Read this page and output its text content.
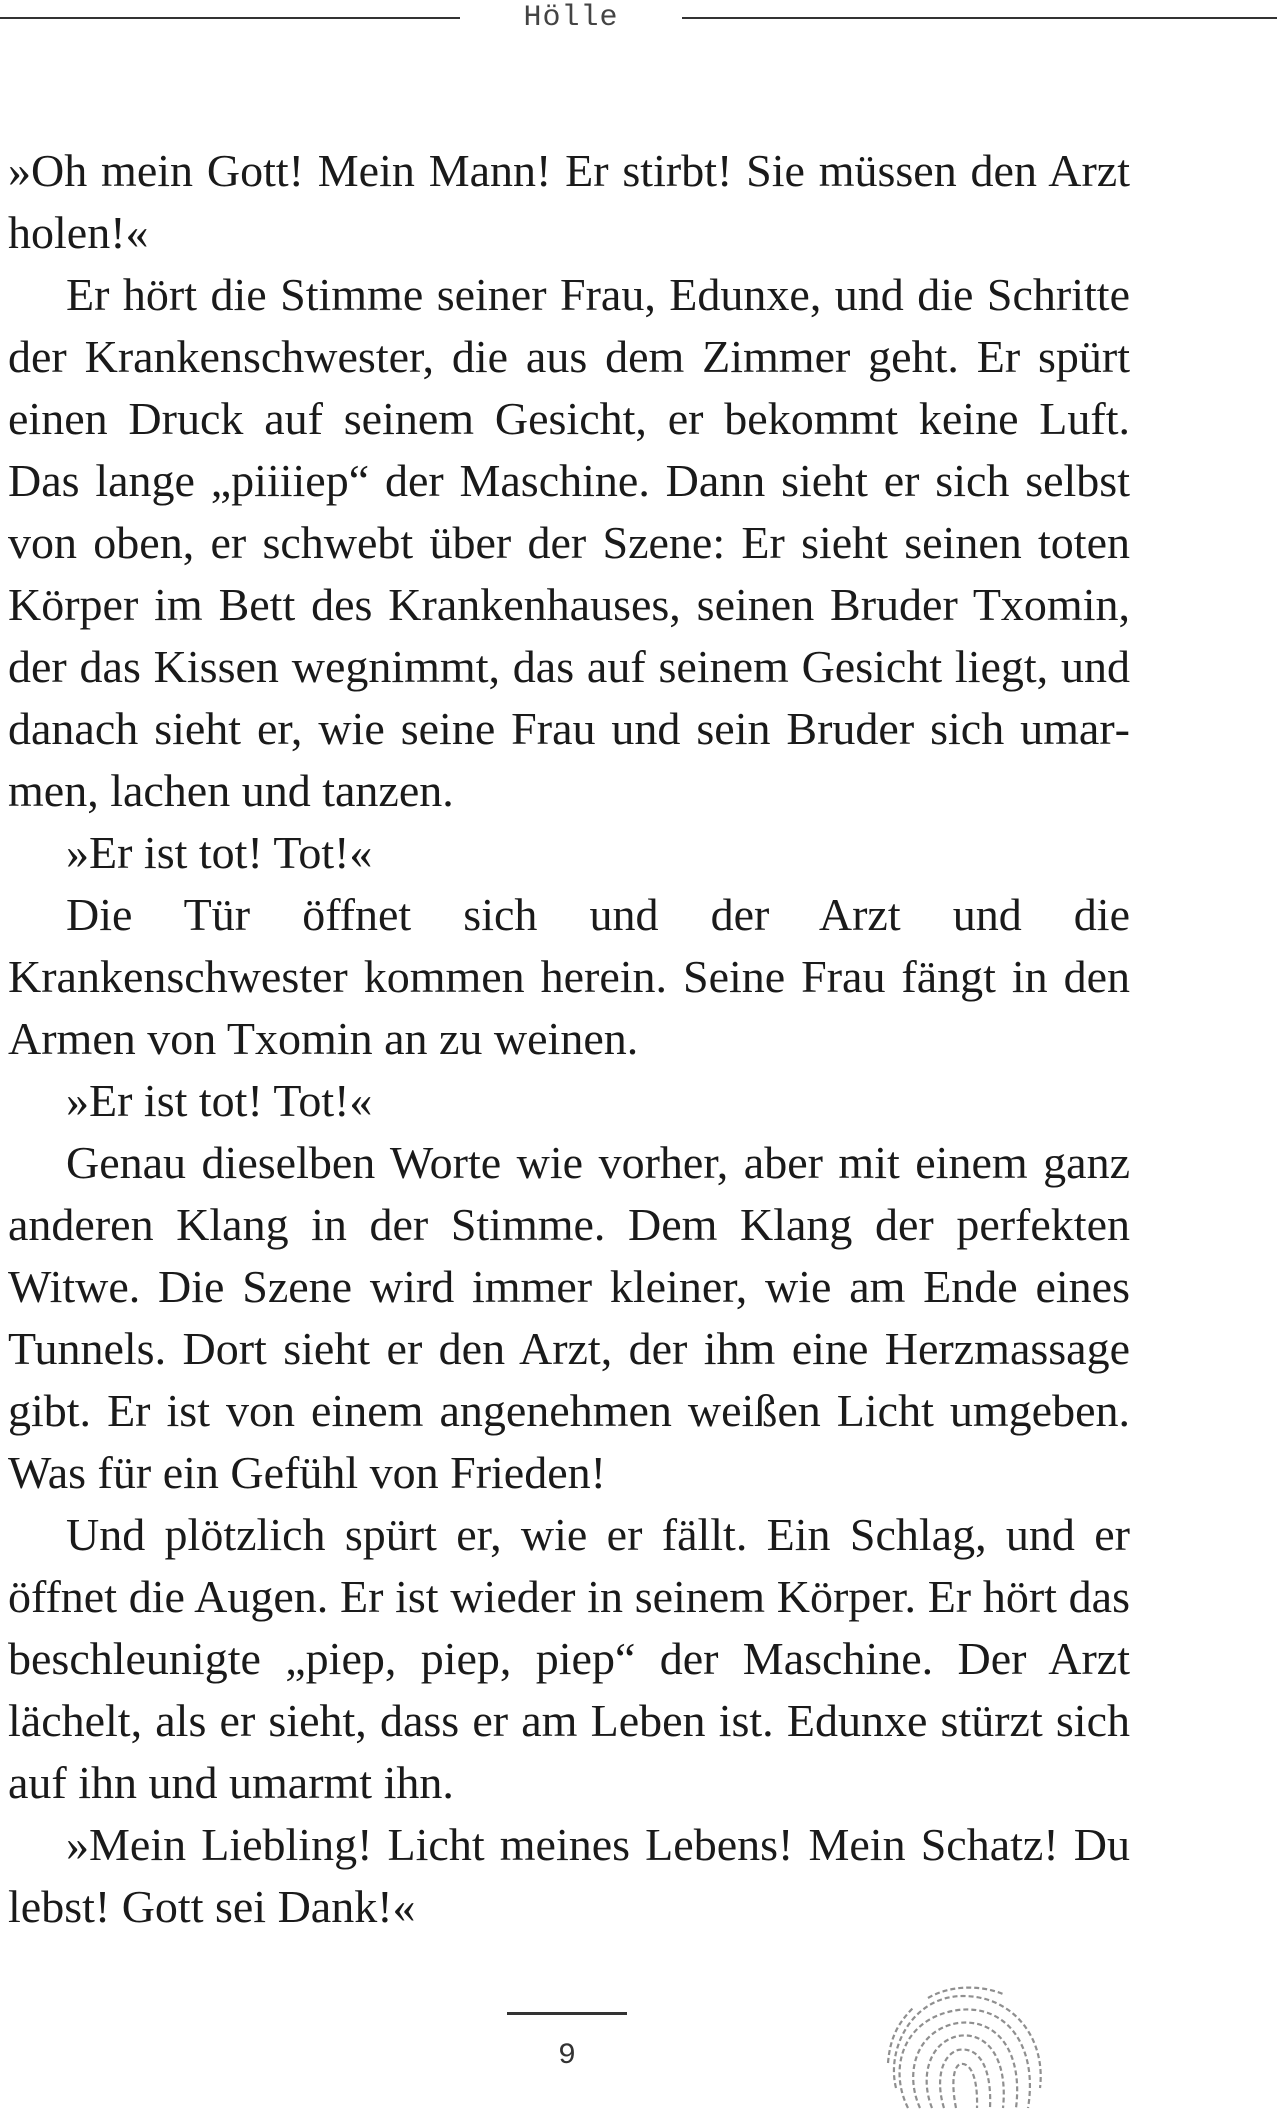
Hölle

»Oh mein Gott! Mein Mann! Er stirbt! Sie müssen den Arzt holen!«

Er hört die Stimme seiner Frau, Edunxe, und die Schritte der Krankenschwester, die aus dem Zimmer geht. Er spürt einen Druck auf seinem Gesicht, er bekommt keine Luft. Das lange „piiiiep“ der Maschine. Dann sieht er sich selbst von oben, er schwebt über der Szene: Er sieht seinen toten Körper im Bett des Krankenhauses, seinen Bruder Txomin, der das Kissen wegnimmt, das auf seinem Gesicht liegt, und danach sieht er, wie seine Frau und sein Bruder sich umarmen, lachen und tanzen.

»Er ist tot! Tot!«

Die Tür öffnet sich und der Arzt und die Krankenschwester kommen herein. Seine Frau fängt in den Armen von Txomin an zu weinen.

»Er ist tot! Tot!«

Genau dieselben Worte wie vorher, aber mit einem ganz anderen Klang in der Stimme. Dem Klang der perfekten Witwe. Die Szene wird immer kleiner, wie am Ende eines Tunnels. Dort sieht er den Arzt, der ihm eine Herzmassage gibt. Er ist von einem angenehmen weißen Licht umgeben. Was für ein Gefühl von Frieden!

Und plötzlich spürt er, wie er fällt. Ein Schlag, und er öffnet die Augen. Er ist wieder in seinem Körper. Er hört das beschleunigte „piep, piep, piep“ der Maschine. Der Arzt lächelt, als er sieht, dass er am Leben ist. Edunxe stürzt sich auf ihn und umarmt ihn.

»Mein Liebling! Licht meines Lebens! Mein Schatz! Du lebst! Gott sei Dank!«

9
